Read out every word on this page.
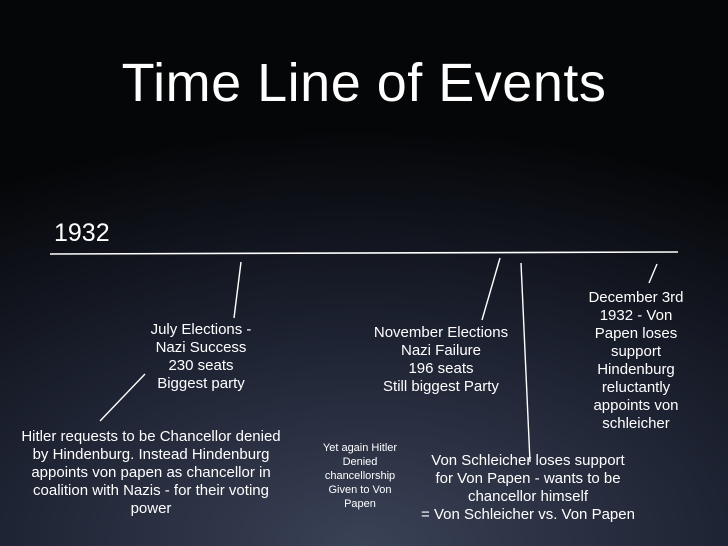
Time Line of Events
1932
July Elections -
Nazi Success
230 seats
Biggest party
November Elections
Nazi Failure
196 seats
Still biggest Party
December 3rd
1932 - Von
Papen loses
support
Hindenburg
reluctantly
appoints von
schleicher
Hitler requests to be Chancellor denied
by Hindenburg. Instead Hindenburg
appoints von papen as chancellor in
coalition with Nazis - for their voting
power
Yet again Hitler
Denied
chancellorship
Given to Von
Papen
Von Schleicher loses support
for Von Papen - wants to be
chancellor himself
= Von Schleicher vs. Von Papen
